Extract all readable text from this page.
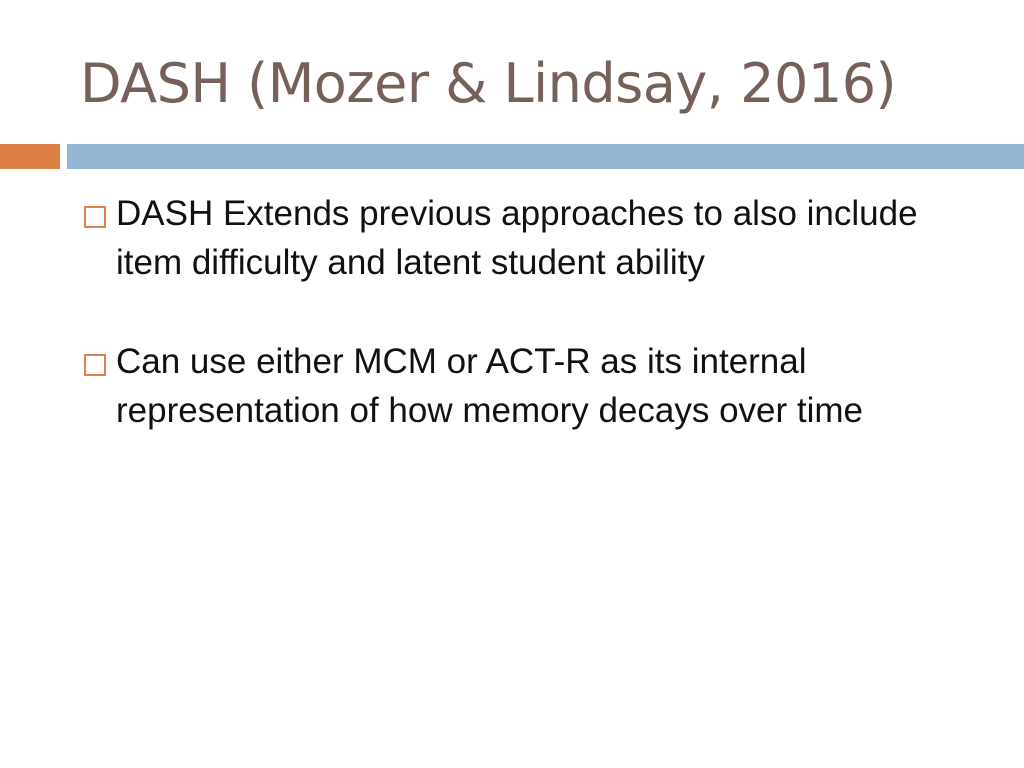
DASH (Mozer & Lindsay, 2016)
DASH Extends previous approaches to also include item difficulty and latent student ability
Can use either MCM or ACT-R as its internal representation of how memory decays over time
